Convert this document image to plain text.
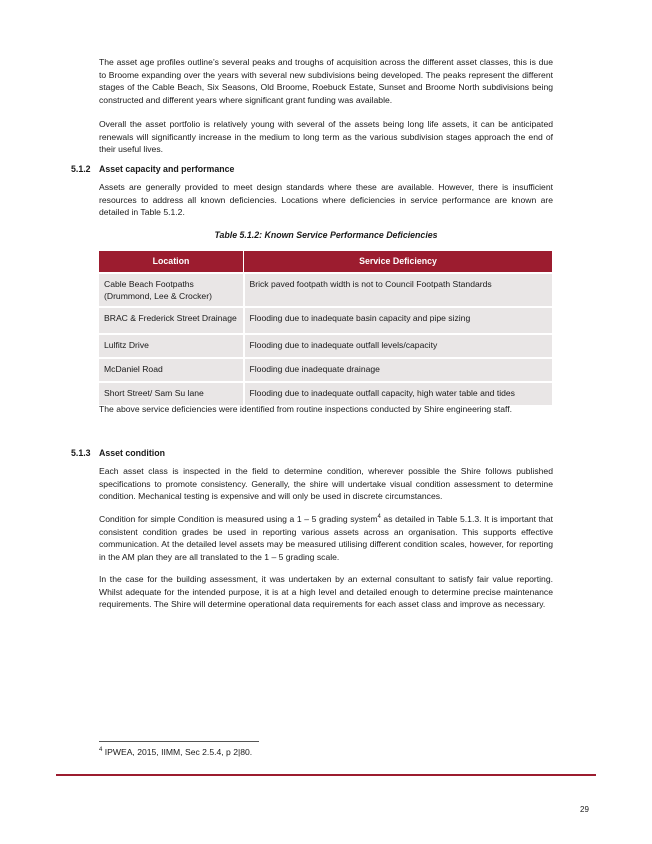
The asset age profiles outline’s several peaks and troughs of acquisition across the different asset classes, this is due to Broome expanding over the years with several new subdivisions being developed. The peaks represent the different stages of the Cable Beach, Six Seasons, Old Broome, Roebuck Estate, Sunset and Broome North subdivisions being constructed and different years where significant grant funding was available.

Overall the asset portfolio is relatively young with several of the assets being long life assets, it can be anticipated renewals will significantly increase in the medium to long term as the various subdivision stages approach the end of their useful lives.

5.1.2 Asset capacity and performance

Assets are generally provided to meet design standards where these are available. However, there is insufficient resources to address all known deficiencies. Locations where deficiencies in service performance are known are detailed in Table 5.1.2.

Table 5.1.2: Known Service Performance Deficiencies
Location	Service Deficiency
Cable Beach Footpaths (Drummond, Lee & Crocker)	Brick paved footpath width is not to Council Footpath Standards
BRAC & Frederick Street Drainage	Flooding due to inadequate basin capacity and pipe sizing
Lulfitz Drive	Flooding due to inadequate outfall levels/capacity
McDaniel Road	Flooding due inadequate drainage
Short Street/ Sam Su lane	Flooding due to inadequate outfall capacity, high water table and tides

The above service deficiencies were identified from routine inspections conducted by Shire engineering staff.

5.1.3 Asset condition

Each asset class is inspected in the field to determine condition, wherever possible the Shire follows published specifications to promote consistency. Generally, the shire will undertake visual condition assessment to determine condition. Mechanical testing is expensive and will only be used in discrete circumstances.

Condition for simple Condition is measured using a 1 – 5 grading system$^4$ as detailed in Table 5.1.3. It is important that consistent condition grades be used in reporting various assets across an organisation. This supports effective communication. At the detailed level assets may be measured utilising different condition scales, however, for reporting in the AM plan they are all translated to the 1 – 5 grading scale.

In the case for the building assessment, it was undertaken by an external consultant to satisfy fair value reporting. Whilst adequate for the intended purpose, it is at a high level and detailed enough to determine precise maintenance requirements. The Shire will determine operational data requirements for each asset class and improve as necessary.

$^4$ IPWEA, 2015, IIMM, Sec 2.5.4, p 2|80.
29
